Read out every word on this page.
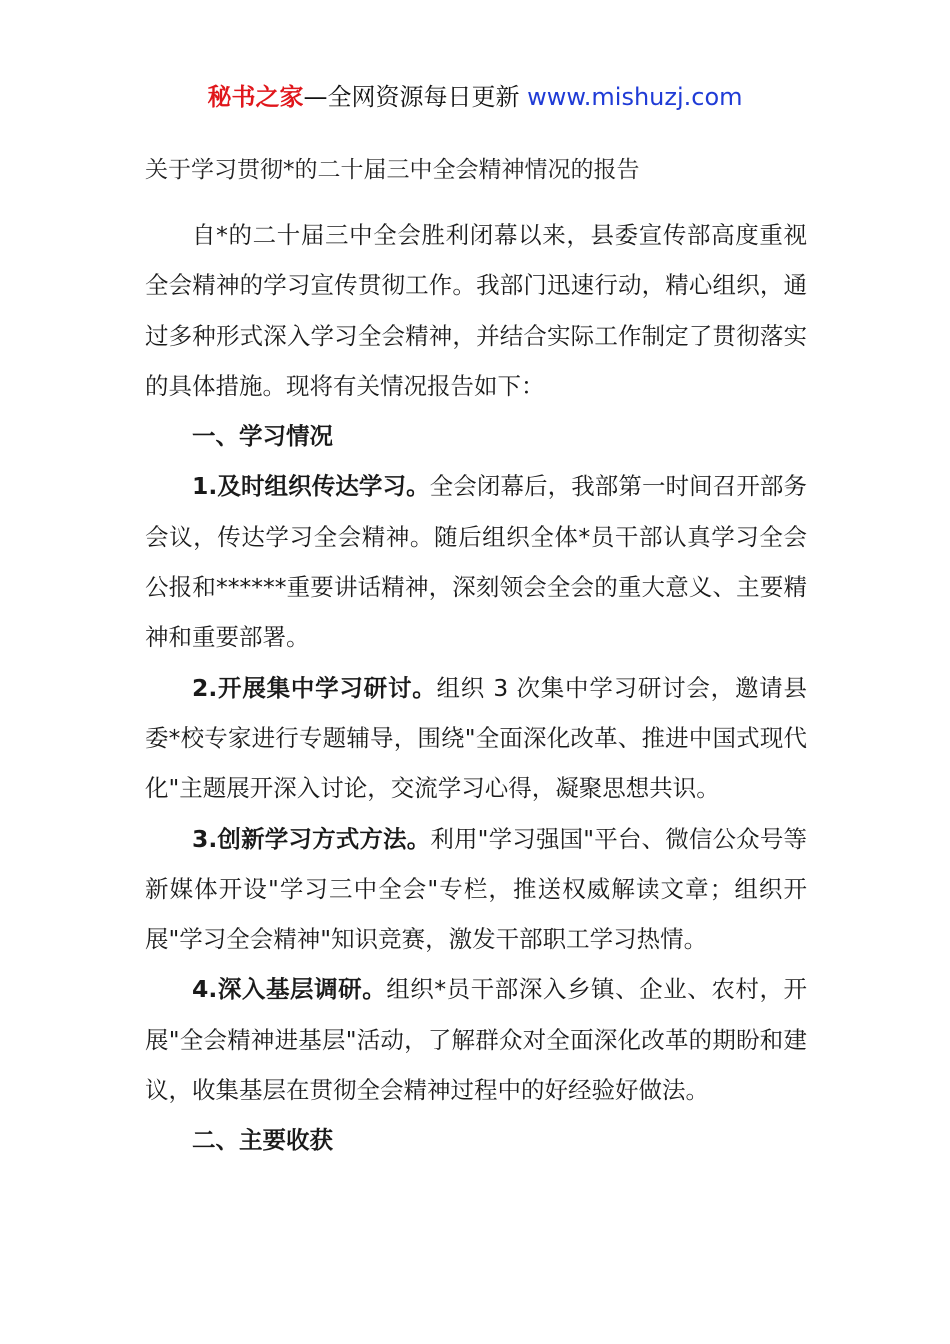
秘书之家—全网资源每日更新 www.mishuzj.com
关于学习贯彻*的二十届三中全会精神情况的报告

自*的二十届三中全会胜利闭幕以来，县委宣传部高度重视全会精神的学习宣传贯彻工作。我部门迅速行动，精心组织，通过多种形式深入学习全会精神，并结合实际工作制定了贯彻落实的具体措施。现将有关情况报告如下：

一、学习情况

1.及时组织传达学习。全会闭幕后，我部第一时间召开部务会议，传达学习全会精神。随后组织全体*员干部认真学习全会公报和******重要讲话精神，深刻领会全会的重大意义、主要精神和重要部署。

2.开展集中学习研讨。组织 3 次集中学习研讨会，邀请县委*校专家进行专题辅导，围绕"全面深化改革、推进中国式现代化"主题展开深入讨论，交流学习心得，凝聚思想共识。

3.创新学习方式方法。利用"学习强国"平台、微信公众号等新媒体开设"学习三中全会"专栏，推送权威解读文章；组织开展"学习全会精神"知识竞赛，激发干部职工学习热情。

4.深入基层调研。组织*员干部深入乡镇、企业、农村，开展"全会精神进基层"活动，了解群众对全面深化改革的期盼和建议，收集基层在贯彻全会精神过程中的好经验好做法。

二、主要收获
